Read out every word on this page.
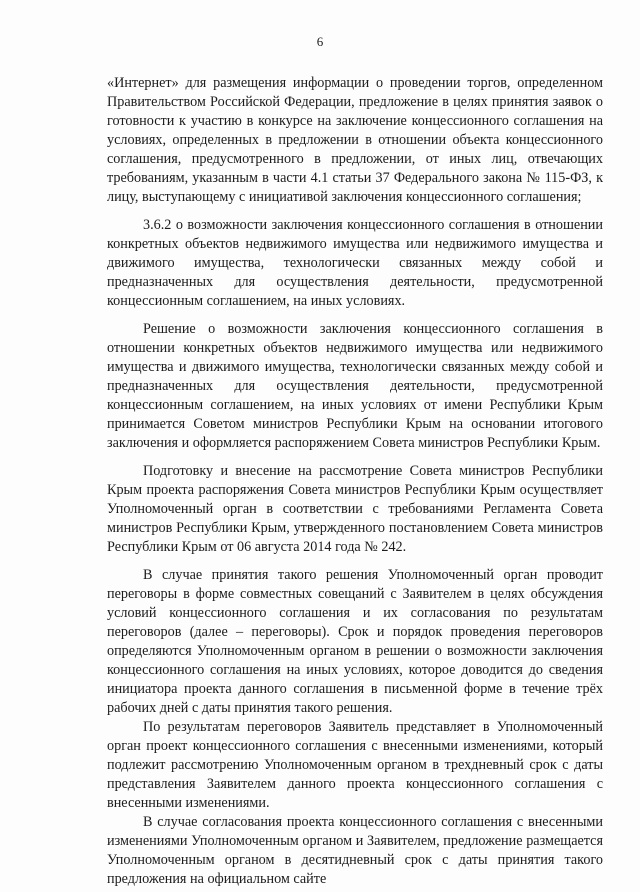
6

«Интернет» для размещения информации о проведении торгов, определенном Правительством Российской Федерации, предложение в целях принятия заявок о готовности к участию в конкурсе на заключение концессионного соглашения на условиях, определенных в предложении в отношении объекта концессионного соглашения, предусмотренного в предложении, от иных лиц, отвечающих требованиям, указанным в части 4.1 статьи 37 Федерального закона № 115-ФЗ, к лицу, выступающему с инициативой заключения концессионного соглашения;

3.6.2 о возможности заключения концессионного соглашения в отношении конкретных объектов недвижимого имущества или недвижимого имущества и движимого имущества, технологически связанных между собой и предназначенных для осуществления деятельности, предусмотренной концессионным соглашением, на иных условиях.

Решение о возможности заключения концессионного соглашения в отношении конкретных объектов недвижимого имущества или недвижимого имущества и движимого имущества, технологически связанных между собой и предназначенных для осуществления деятельности, предусмотренной концессионным соглашением, на иных условиях от имени Республики Крым принимается Советом министров Республики Крым на основании итогового заключения и оформляется распоряжением Совета министров Республики Крым.

Подготовку и внесение на рассмотрение Совета министров Республики Крым проекта распоряжения Совета министров Республики Крым осуществляет Уполномоченный орган в соответствии с требованиями Регламента Совета министров Республики Крым, утвержденного постановлением Совета министров Республики Крым от 06 августа 2014 года № 242.

В случае принятия такого решения Уполномоченный орган проводит переговоры в форме совместных совещаний с Заявителем в целях обсуждения условий концессионного соглашения и их согласования по результатам переговоров (далее – переговоры). Срок и порядок проведения переговоров определяются Уполномоченным органом в решении о возможности заключения концессионного соглашения на иных условиях, которое доводится до сведения инициатора проекта данного соглашения в письменной форме в течение трёх рабочих дней с даты принятия такого решения.

По результатам переговоров Заявитель представляет в Уполномоченный орган проект концессионного соглашения с внесенными изменениями, который подлежит рассмотрению Уполномоченным органом в трехдневный срок с даты представления Заявителем данного проекта концессионного соглашения с внесенными изменениями.

В случае согласования проекта концессионного соглашения с внесенными изменениями Уполномоченным органом и Заявителем, предложение размещается Уполномоченным органом в десятидневный срок с даты принятия такого предложения на официальном сайте
